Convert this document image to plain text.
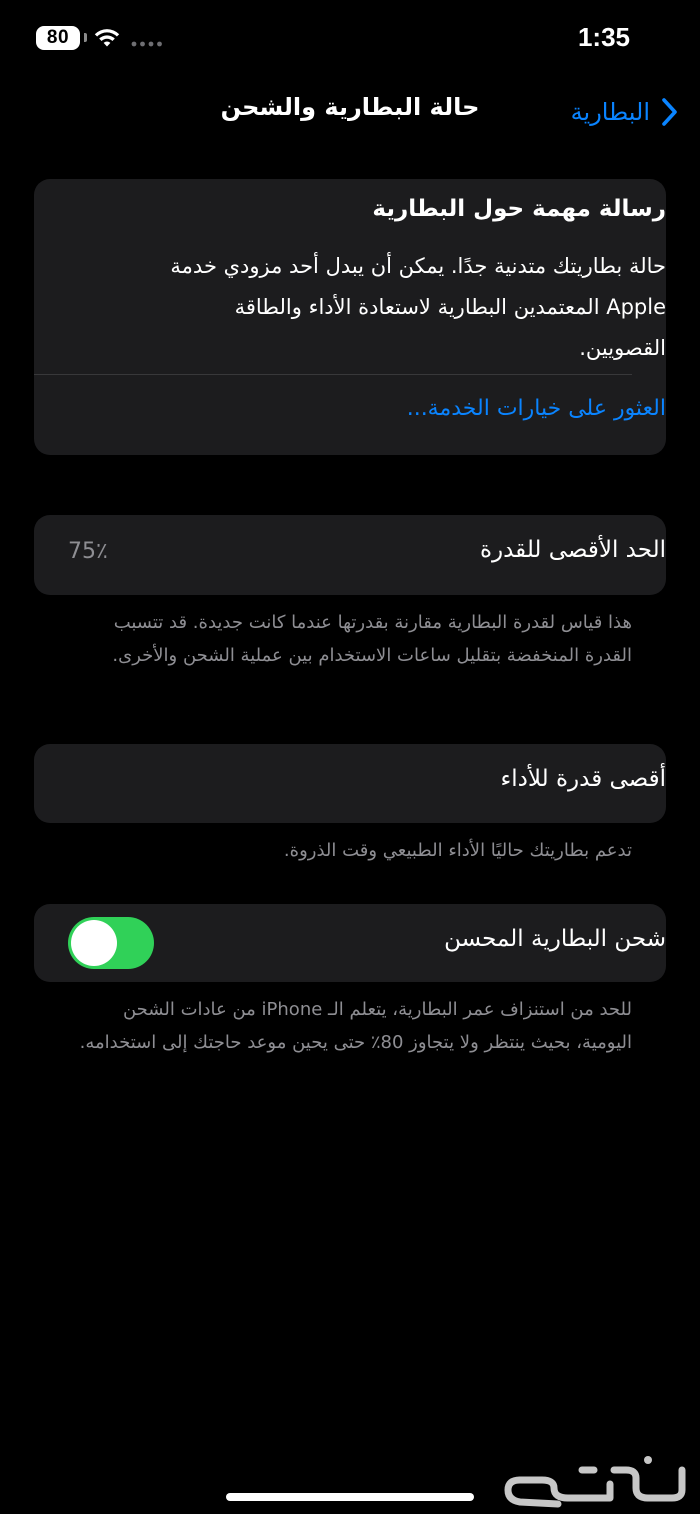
80	1:35
حالة البطارية والشحن	البطارية
رسالة مهمة حول البطارية
حالة بطاريتك متدنية جدًا. يمكن أن يبدل أحد مزودي خدمة Apple المعتمدين البطارية لاستعادة الأداء والطاقة القصويين.
العثور على خيارات الخدمة...
الحد الأقصى للقدرة
75٪
هذا قياس لقدرة البطارية مقارنة بقدرتها عندما كانت جديدة. قد تتسبب القدرة المنخفضة بتقليل ساعات الاستخدام بين عملية الشحن والأخرى.
أقصى قدرة للأداء
تدعم بطاريتك حاليًا الأداء الطبيعي وقت الذروة.
شحن البطارية المحسن
للحد من استنزاف عمر البطارية، يتعلم الـ iPhone من عادات الشحن اليومية، بحيث ينتظر ولا يتجاوز 80٪ حتى يحين موعد حاجتك إلى استخدامه.
